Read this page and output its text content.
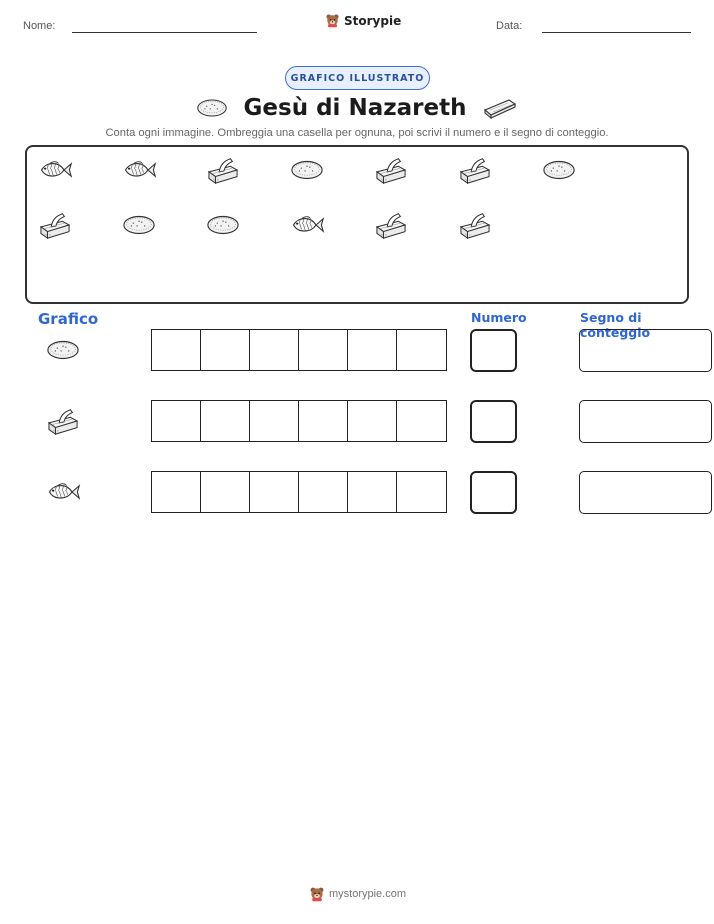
Nome:	Storypie	Data:
GRAFICO ILLUSTRATO
Gesù di Nazareth
Conta ogni immagine. Ombreggia una casella per ognuna, poi scrivi il numero e il segno di conteggio.
Grafico	Numero	Segno di conteggio
mystorypie.com
